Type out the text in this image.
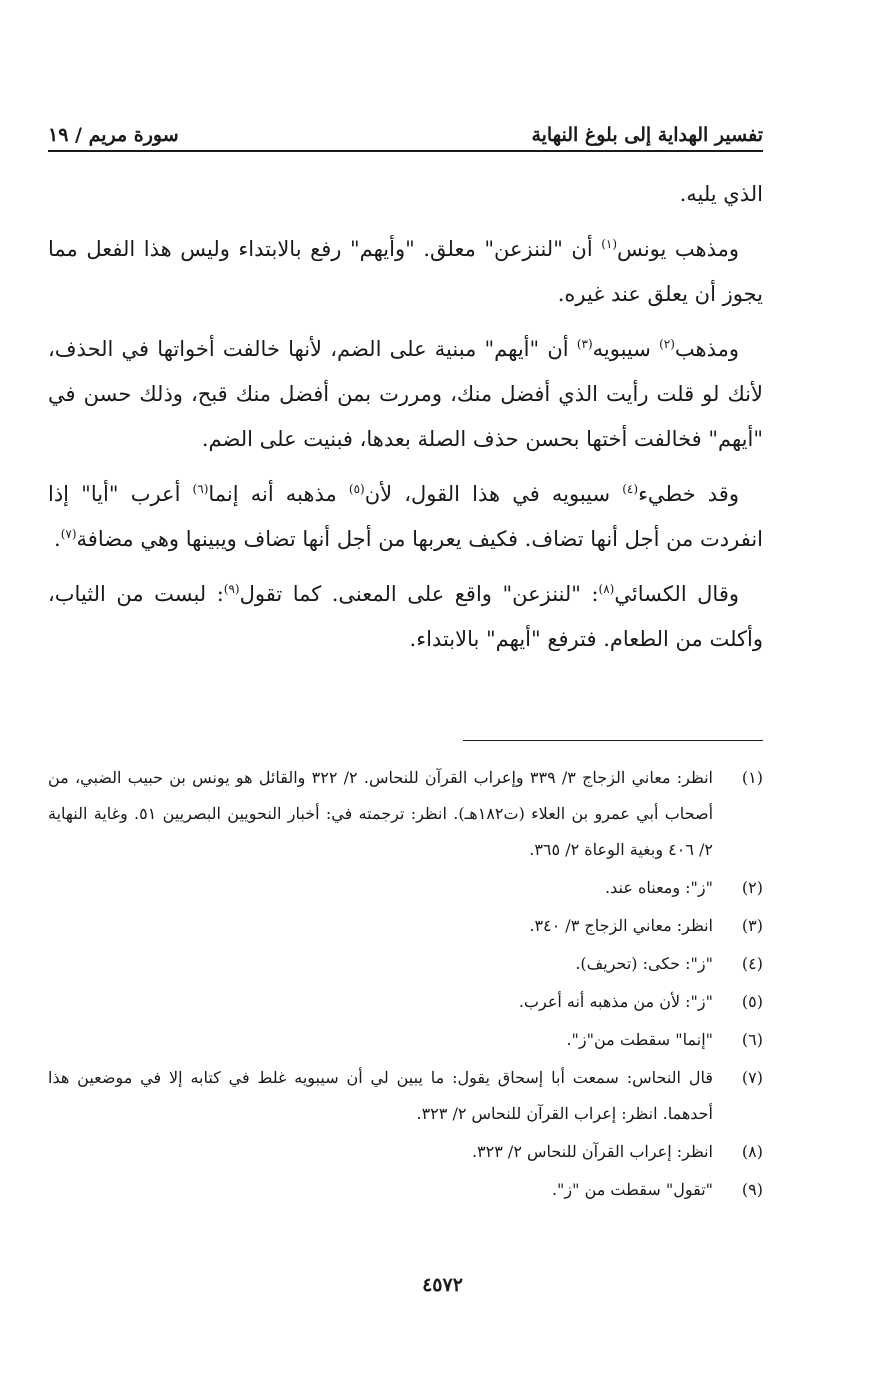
تفسير الهداية إلى بلوغ النهاية
سورة مريم / ١٩

الذي يليه.

ومذهب يونس$^{(١)}$ أن "لننزعن" معلق. "وأيهم" رفع بالابتداء وليس هذا الفعل مما يجوز أن يعلق عند غيره.

ومذهب$^{(٢)}$ سيبويه$^{(٣)}$ أن "أيهم" مبنية على الضم، لأنها خالفت أخواتها في الحذف، لأنك لو قلت رأيت الذي أفضل منك، ومررت بمن أفضل منك قبح، وذلك حسن في "أيهم" فخالفت أختها بحسن حذف الصلة بعدها، فبنيت على الضم.

وقد خطيء$^{(٤)}$ سيبويه في هذا القول، لأن$^{(٥)}$ مذهبه أنه إنما$^{(٦)}$ أعرب "أيا" إذا انفردت من أجل أنها تضاف. فكيف يعربها من أجل أنها تضاف ويبينها وهي مضافة$^{(٧)}$.

وقال الكسائي$^{(٨)}$: "لننزعن" واقع على المعنى. كما تقول$^{(٩)}$: لبست من الثياب، وأكلت من الطعام. فترفع "أيهم" بالابتداء.

(١)
انظر: معاني الزجاج ٣/ ٣٣٩ وإعراب القرآن للنحاس. ٢/ ٣٢٢ والقائل هو يونس بن حبيب الضبي، من أصحاب أبي عمرو بن العلاء (ت١٨٢هـ). انظر: ترجمته في: أخبار النحويين البصريين ٥١. وغاية النهاية ٢/ ٤٠٦ وبغية الوعاة ٢/ ٣٦٥.
(٢)
"ز": ومعناه عند.
(٣)
انظر: معاني الزجاج ٣/ ٣٤٠.
(٤)
"ز": حكى: (تحريف).
(٥)
"ز": لأن من مذهبه أنه أعرب.
(٦)
"إنما" سقطت من"ز".
(٧)
قال النحاس: سمعت أبا إسحاق يقول: ما يبين لي أن سيبويه غلط في كتابه إلا في موضعين هذا أحدهما. انظر: إعراب القرآن للنحاس ٢/ ٣٢٣.
(٨)
انظر: إعراب القرآن للنحاس ٢/ ٣٢٣.
(٩)
"تقول" سقطت من "ز".
٤٥٧٢
